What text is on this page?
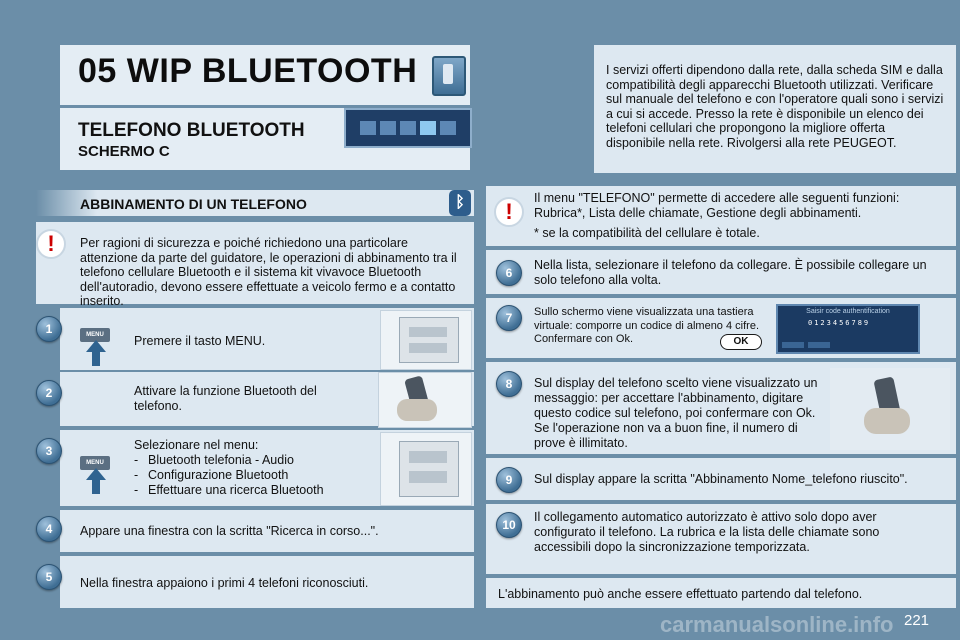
05 WIP BLUETOOTH
TELEFONO BLUETOOTH
SCHERMO C
I servizi offerti dipendono dalla rete, dalla scheda SIM e dalla compatibilità degli apparecchi Bluetooth utilizzati. Verificare sul manuale del telefono e con l'operatore quali sono i servizi a cui si accede. Presso la rete è disponibile un elenco dei telefoni cellulari che propongono la migliore offerta disponibile nella rete. Rivolgersi alla rete PEUGEOT.
ABBINAMENTO DI UN TELEFONO	ᛒ
!	Per ragioni di sicurezza e poiché richiedono una particolare attenzione da parte del guidatore, le operazioni di abbinamento tra il telefono cellulare Bluetooth e il sistema kit vivavoce Bluetooth dell'autoradio, devono essere effettuate a veicolo fermo e a contatto inserito.
1	MENU	Premere il tasto MENU.
2	Attivare la funzione Bluetooth del telefono.
3
MENU
Selezionare nel menu:
- Bluetooth telefonia - Audio
- Configurazione Bluetooth
- Effettuare una ricerca Bluetooth
4	Appare una finestra con la scritta "Ricerca in corso...".
5	Nella finestra appaiono i primi 4 telefoni riconosciuti.
!
Il menu "TELEFONO" permette di accedere alle seguenti funzioni: Rubrica*, Lista delle chiamate, Gestione degli abbinamenti.
* se la compatibilità del cellulare è totale.
6
Nella lista, selezionare il telefono da collegare. È possibile collegare un solo telefono alla volta.
7	Sullo schermo viene visualizzata una tastiera virtuale: comporre un codice di almeno 4 cifre. Confermare con Ok.	OK
Saisir code authentification
0123456789
8	Sul display del telefono scelto viene visualizzato un messaggio: per accettare l'abbinamento, digitare questo codice sul telefono, poi confermare con Ok. Se l'operazione non va a buon fine, il numero di prove è illimitato.
9	Sul display appare la scritta "Abbinamento Nome_telefono riuscito".
10
Il collegamento automatico autorizzato è attivo solo dopo aver configurato il telefono. La rubrica e la lista delle chiamate sono accessibili dopo la sincronizzazione temporizzata.
L'abbinamento può anche essere effettuato partendo dal telefono.
221
carmanualsonline.info
